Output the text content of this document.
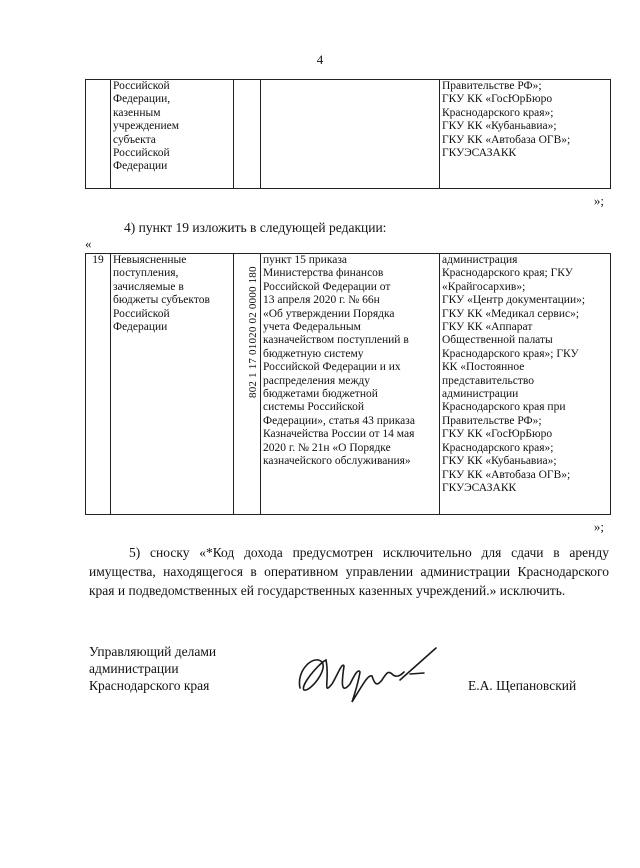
4
	Российской
Федерации,
казенным
учреждением
субъекта
Российской
Федерации			Правительстве РФ»;
ГКУ КК «ГосЮрБюро
Краснодарского края»;
ГКУ КК «Кубаньавиа»;
ГКУ КК «Автобаза ОГВ»;
ГКУЭСАЗАКК
»;
4) пункт 19 изложить в следующей редакции:
«
19	Невыясненные
поступления,
зачисляемые в
бюджеты субъектов
Российской
Федерации	802 1 17 01020 02 0000 180
	пункт 15 приказа
Министерства финансов
Российской Федерации от
13 апреля 2020 г. № 66н
«Об утверждении Порядка
учета Федеральным
казначейством поступлений в
бюджетную систему
Российской Федерации и их
распределения между
бюджетами бюджетной
системы Российской
Федерации», статья 43 приказа
Казначейства России от 14 мая
2020 г. № 21н «О Порядке
казначейского обслуживания»	администрация
Краснодарского края; ГКУ
«Крайгосархив»;
ГКУ «Центр документации»;
ГКУ КК «Медикал сервис»;
ГКУ КК «Аппарат
Общественной палаты
Краснодарского края»; ГКУ
КК «Постоянное
представительство
администрации
Краснодарского края при
Правительстве РФ»;
ГКУ КК «ГосЮрБюро
Краснодарского края»;
ГКУ КК «Кубаньавиа»;
ГКУ КК «Автобаза ОГВ»;
ГКУЭСАЗАКК
»;
5) сноску «*Код дохода предусмотрен исключительно для сдачи в аренду имущества, находящегося в оперативном управлении администрации Краснодарского края и подведомственных ей государственных казенных учреждений.» исключить.
Управляющий делами
администрации
Краснодарского края	Е.А. Щепановский
